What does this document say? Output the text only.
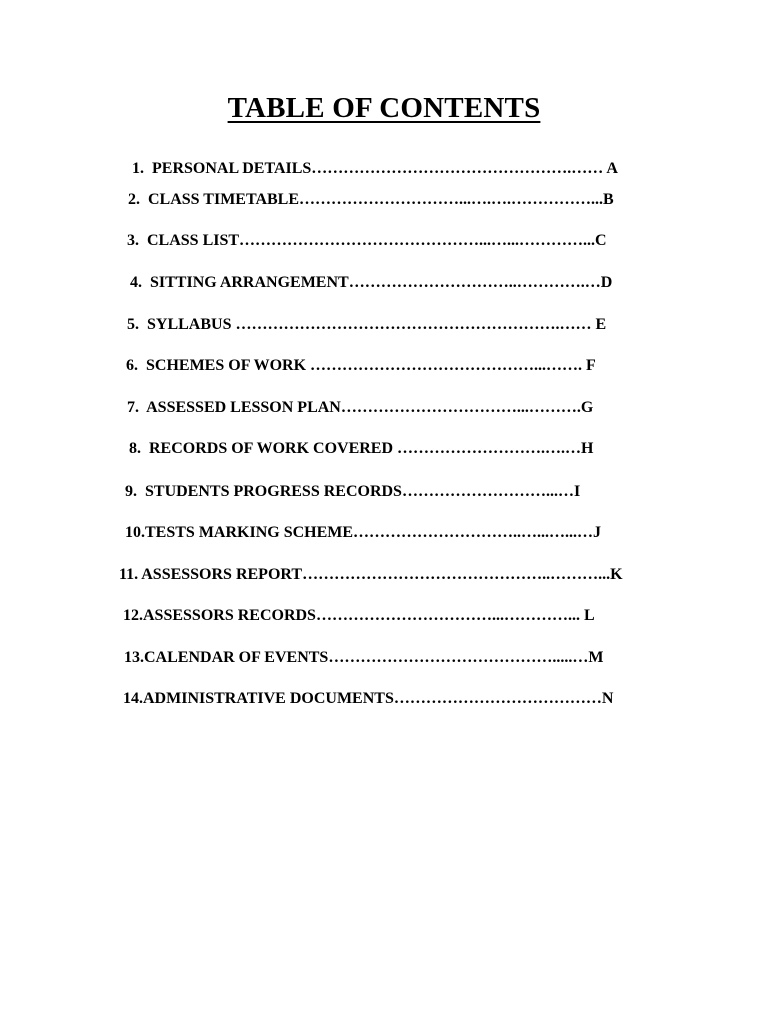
TABLE OF CONTENTS
1.  PERSONAL DETAILS………………………………………….…… A
2.  CLASS TIMETABLE…………………………...….….……………...B
3.  CLASS LIST………………………………………...…...…………...C
4.  SITTING ARRANGEMENT…………………………..………….…D
5.  SYLLABUS …………………………………………………….…… E
6.  SCHEMES OF WORK ……………………………………...……. F
7.  ASSESSED LESSON PLAN……………………………...……….G
8.  RECORDS OF WORK COVERED ……………………….….…H
9.  STUDENTS PROGRESS RECORDS………………………...…I
10.TESTS MARKING SCHEME…………………………..…...…...…J
11. ASSESSORS REPORT………………………………………..………...K
12.ASSESSORS RECORDS……………………………...…………... L
13.CALENDAR OF EVENTS…………………………………….....…M
14.ADMINISTRATIVE DOCUMENTS…………………………………N
